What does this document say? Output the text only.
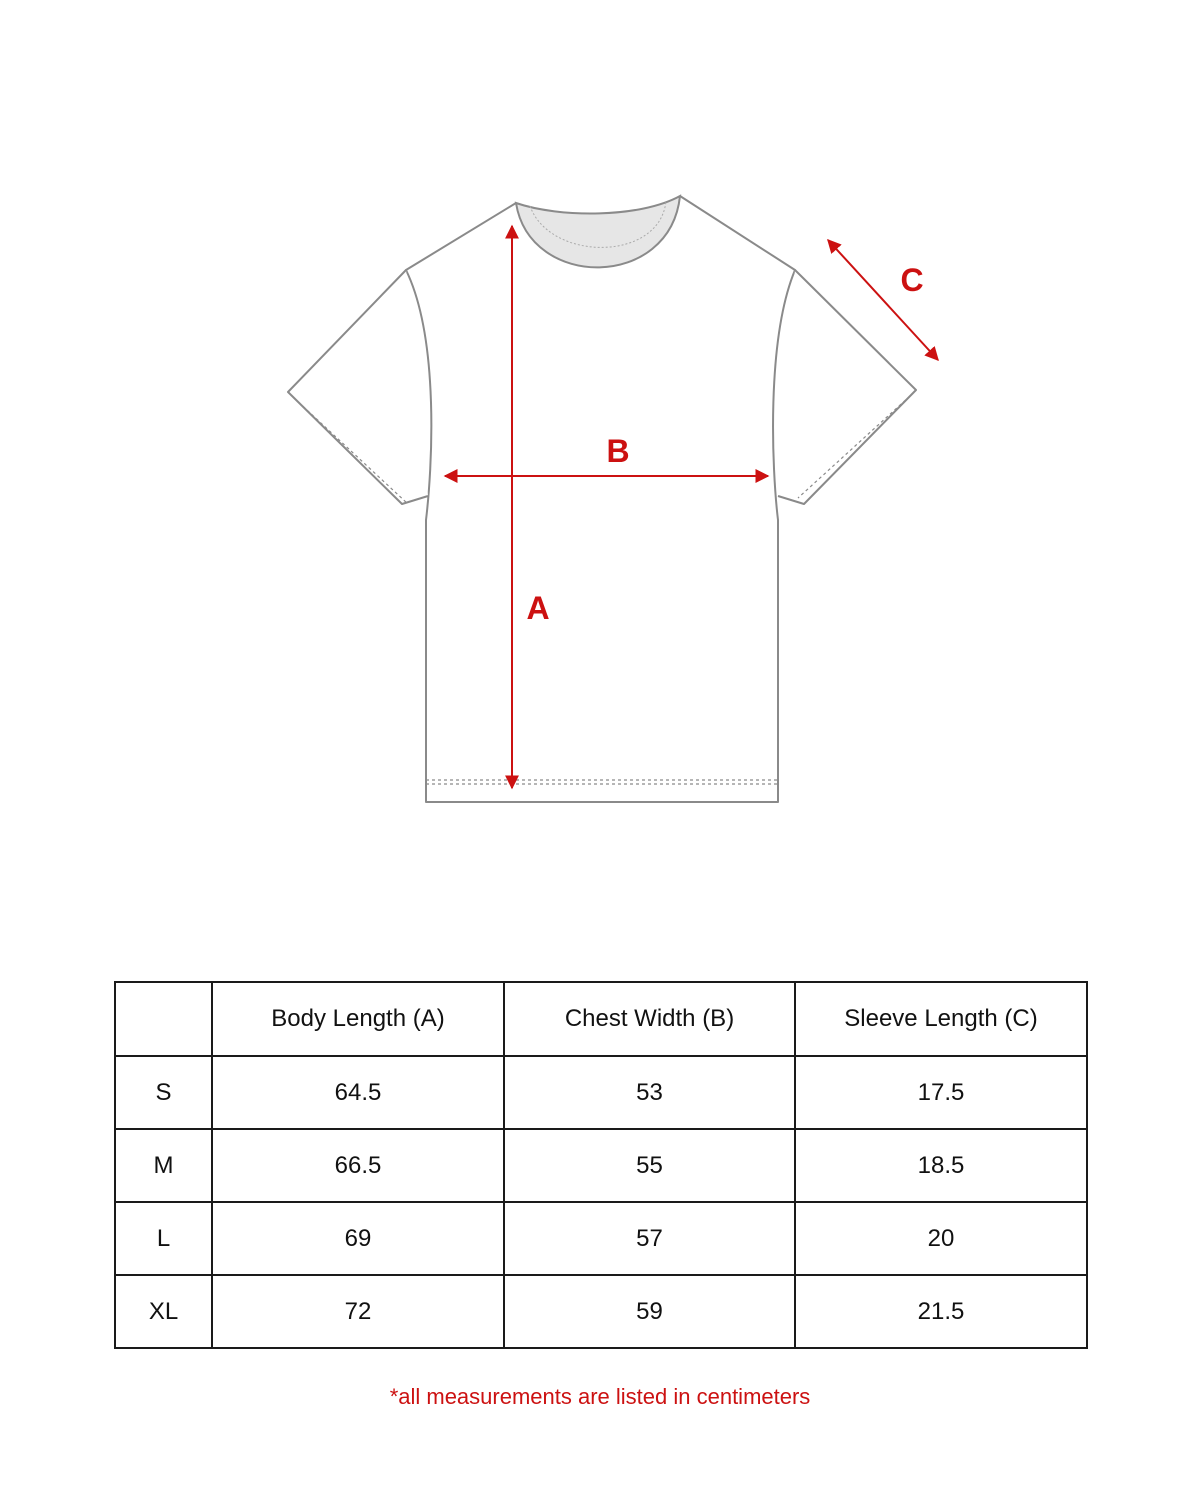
A
B
C
	Body Length (A)	Chest Width (B)	Sleeve Length (C)
S	64.5	53	17.5
M	66.5	55	18.5
L	69	57	20
XL	72	59	21.5
*all measurements are listed in centimeters
